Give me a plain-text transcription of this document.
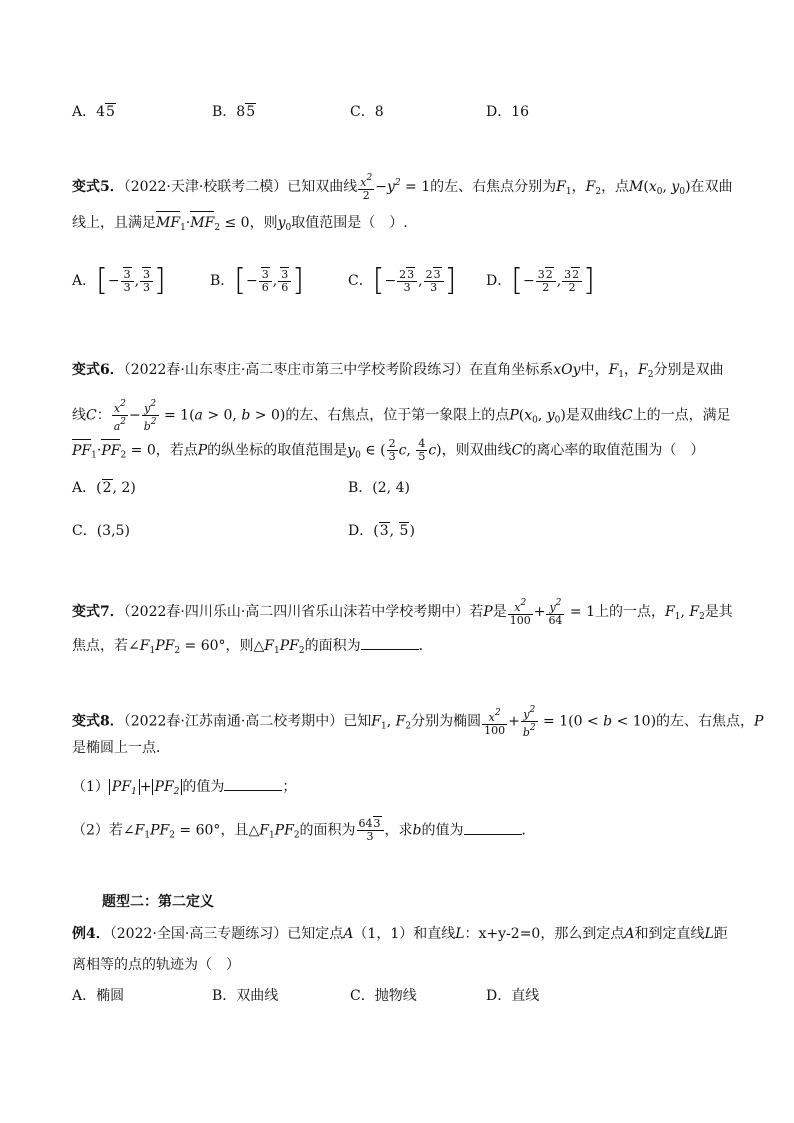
A．45	B．85	C．8	D．16
变式5．（2022·天津·校联考二模）已知双曲线 $\frac{x^2}{2} -y^2 = 1$的左、右焦点分别为$F_1$，$F_2$，点$M(x_0$, $y_0$)在双曲
线上，且满足$MF_1\cdot MF_2 \le 0$，则$y_0$取值范围是（　）.
A．[− $\frac{3}{3}$ , $\frac{3}{3}$ ]	B．[− $\frac{3}{6}$ , $\frac{3}{6}$ ]	C．[− $\frac{23}{3}$ , $\frac{23}{3}$ ] D．[− $\frac{32}{2}$ , $\frac{32}{2}$ ]
变式6．（2022春·山东枣庄·高二枣庄市第三中学校考阶段练习）在直角坐标系xOy中，$F_1$，$F_2$分别是双曲
线C： $\frac{x^2}{a^2} - \frac{y^2}{b^2} = 1(a > 0$, b > 0)的左、右焦点，位于第一象限上的点$P(x_0$, $y_0$)是双曲线C上的一点，满足
$PF_1\cdot PF_2 = 0$，若点P的纵坐标的取值范围是$y_0$ ∈ ( $\frac{2}{3} c$, $\frac{4}{5} c$)，则双曲线C的离心率的取值范围为（　）
A．(2, 2)	B．(2, 4)
C．(3,5)	D．(3, 5)
变式7．（2022春·四川乐山·高二四川省乐山沫若中学校考期中）若P是 $\frac{x^2}{100} + \frac{y^2}{64} = 1$上的一点，$F_1$, $F_2$是其
焦点，若$\angle F_1PF_2 = 60^\circ$，则$\triangle F_1PF_2$的面积为	．
变式8．（2022春·江苏南通·高二校考期中）已知$F_1$, $F_2$分别为椭圆 $\frac{x^2}{100} + \frac{y^2}{b^2} = 1(0 < b < 10)$的左、右焦点，P
是椭圆上一点．
（1） $PF_1 + PF_2$ 的值为	；
（2）若$\angle F_1PF_2 = 60^\circ$，且$\triangle F_1PF_2$的面积为 $\frac{643}{3}$ ，求b的值为	．
题型二：第二定义
例4．（2022·全国·高三专题练习）已知定点A（1，1）和直线L：x+y-2=0，那么到定点A和到定直线L距
离相等的点的轨迹为（　）
A．椭圆	B．双曲线	C．抛物线	D．直线
